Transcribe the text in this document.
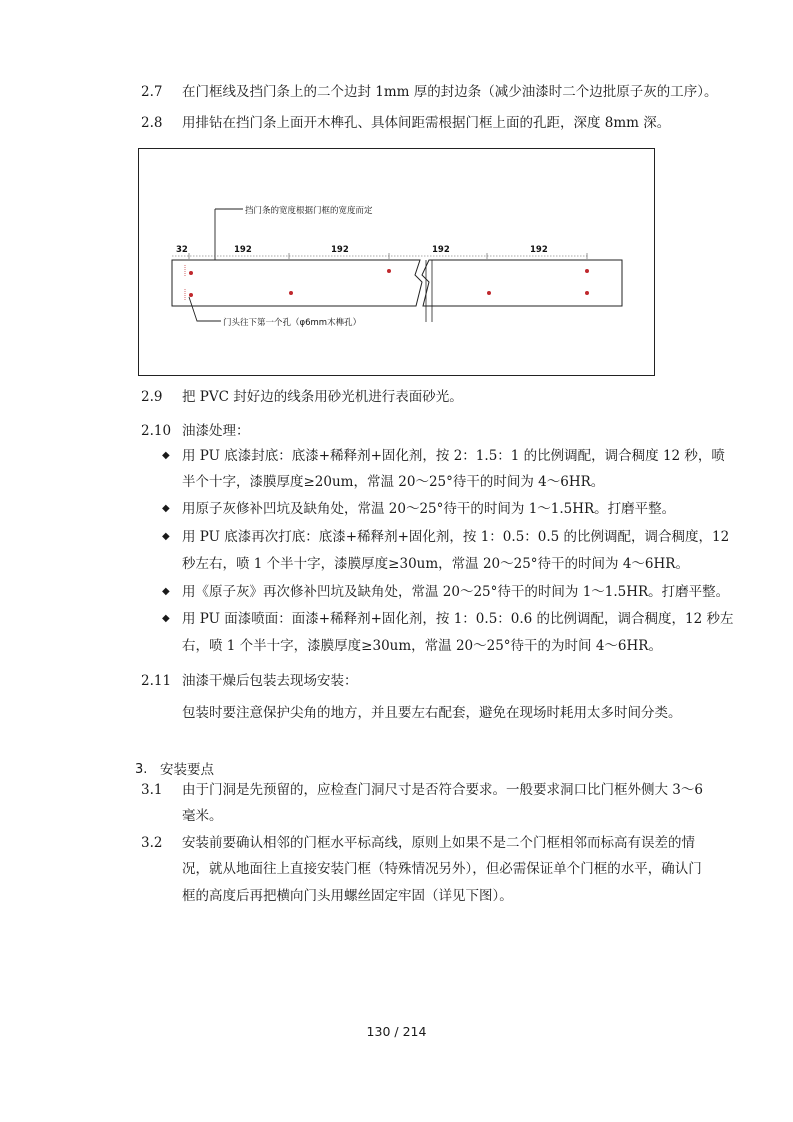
2.7 在门框线及挡门条上的二个边封 1mm 厚的封边条（减少油漆时二个边批原子灰的工序）。
2.8 用排钻在挡门条上面开木榫孔、具体间距需根据门框上面的孔距，深度 8mm 深。
挡门条的宽度根据门框的宽度而定
32	192	192	192	192
门头往下第一个孔（φ6mm木榫孔）
2.9 把 PVC 封好边的线条用砂光机进行表面砂光。
2.10 油漆处理：
◆ 用 PU 底漆封底：底漆+稀释剂+固化剂，按 2：1.5：1 的比例调配，调合稠度 12 秒，喷
半个十字，漆膜厚度≥20um，常温 20～25°待干的时间为 4～6HR。
◆ 用原子灰修补凹坑及缺角处，常温 20～25°待干的时间为 1～1.5HR。打磨平整。
◆ 用 PU 底漆再次打底：底漆+稀释剂+固化剂，按 1：0.5：0.5 的比例调配，调合稠度，12
秒左右，喷 1 个半十字，漆膜厚度≥30um，常温 20～25°待干的时间为 4～6HR。
◆ 用《原子灰》再次修补凹坑及缺角处，常温 20～25°待干的时间为 1～1.5HR。打磨平整。
◆ 用 PU 面漆喷面：面漆+稀释剂+固化剂，按 1：0.5：0.6 的比例调配，调合稠度，12 秒左
右，喷 1 个半十字，漆膜厚度≥30um，常温 20～25°待干的为时间 4～6HR。
2.11 油漆干燥后包装去现场安装：
包装时要注意保护尖角的地方，并且要左右配套，避免在现场时耗用太多时间分类。
3. 安装要点
3.1 由于门洞是先预留的，应检查门洞尺寸是否符合要求。一般要求洞口比门框外侧大 3～6
毫米。
3.2 安装前要确认相邻的门框水平标高线，原则上如果不是二个门框相邻而标高有误差的情
况，就从地面往上直接安装门框（特殊情况另外），但必需保证单个门框的水平，确认门
框的高度后再把横向门头用螺丝固定牢固（详见下图）。
130 / 214
